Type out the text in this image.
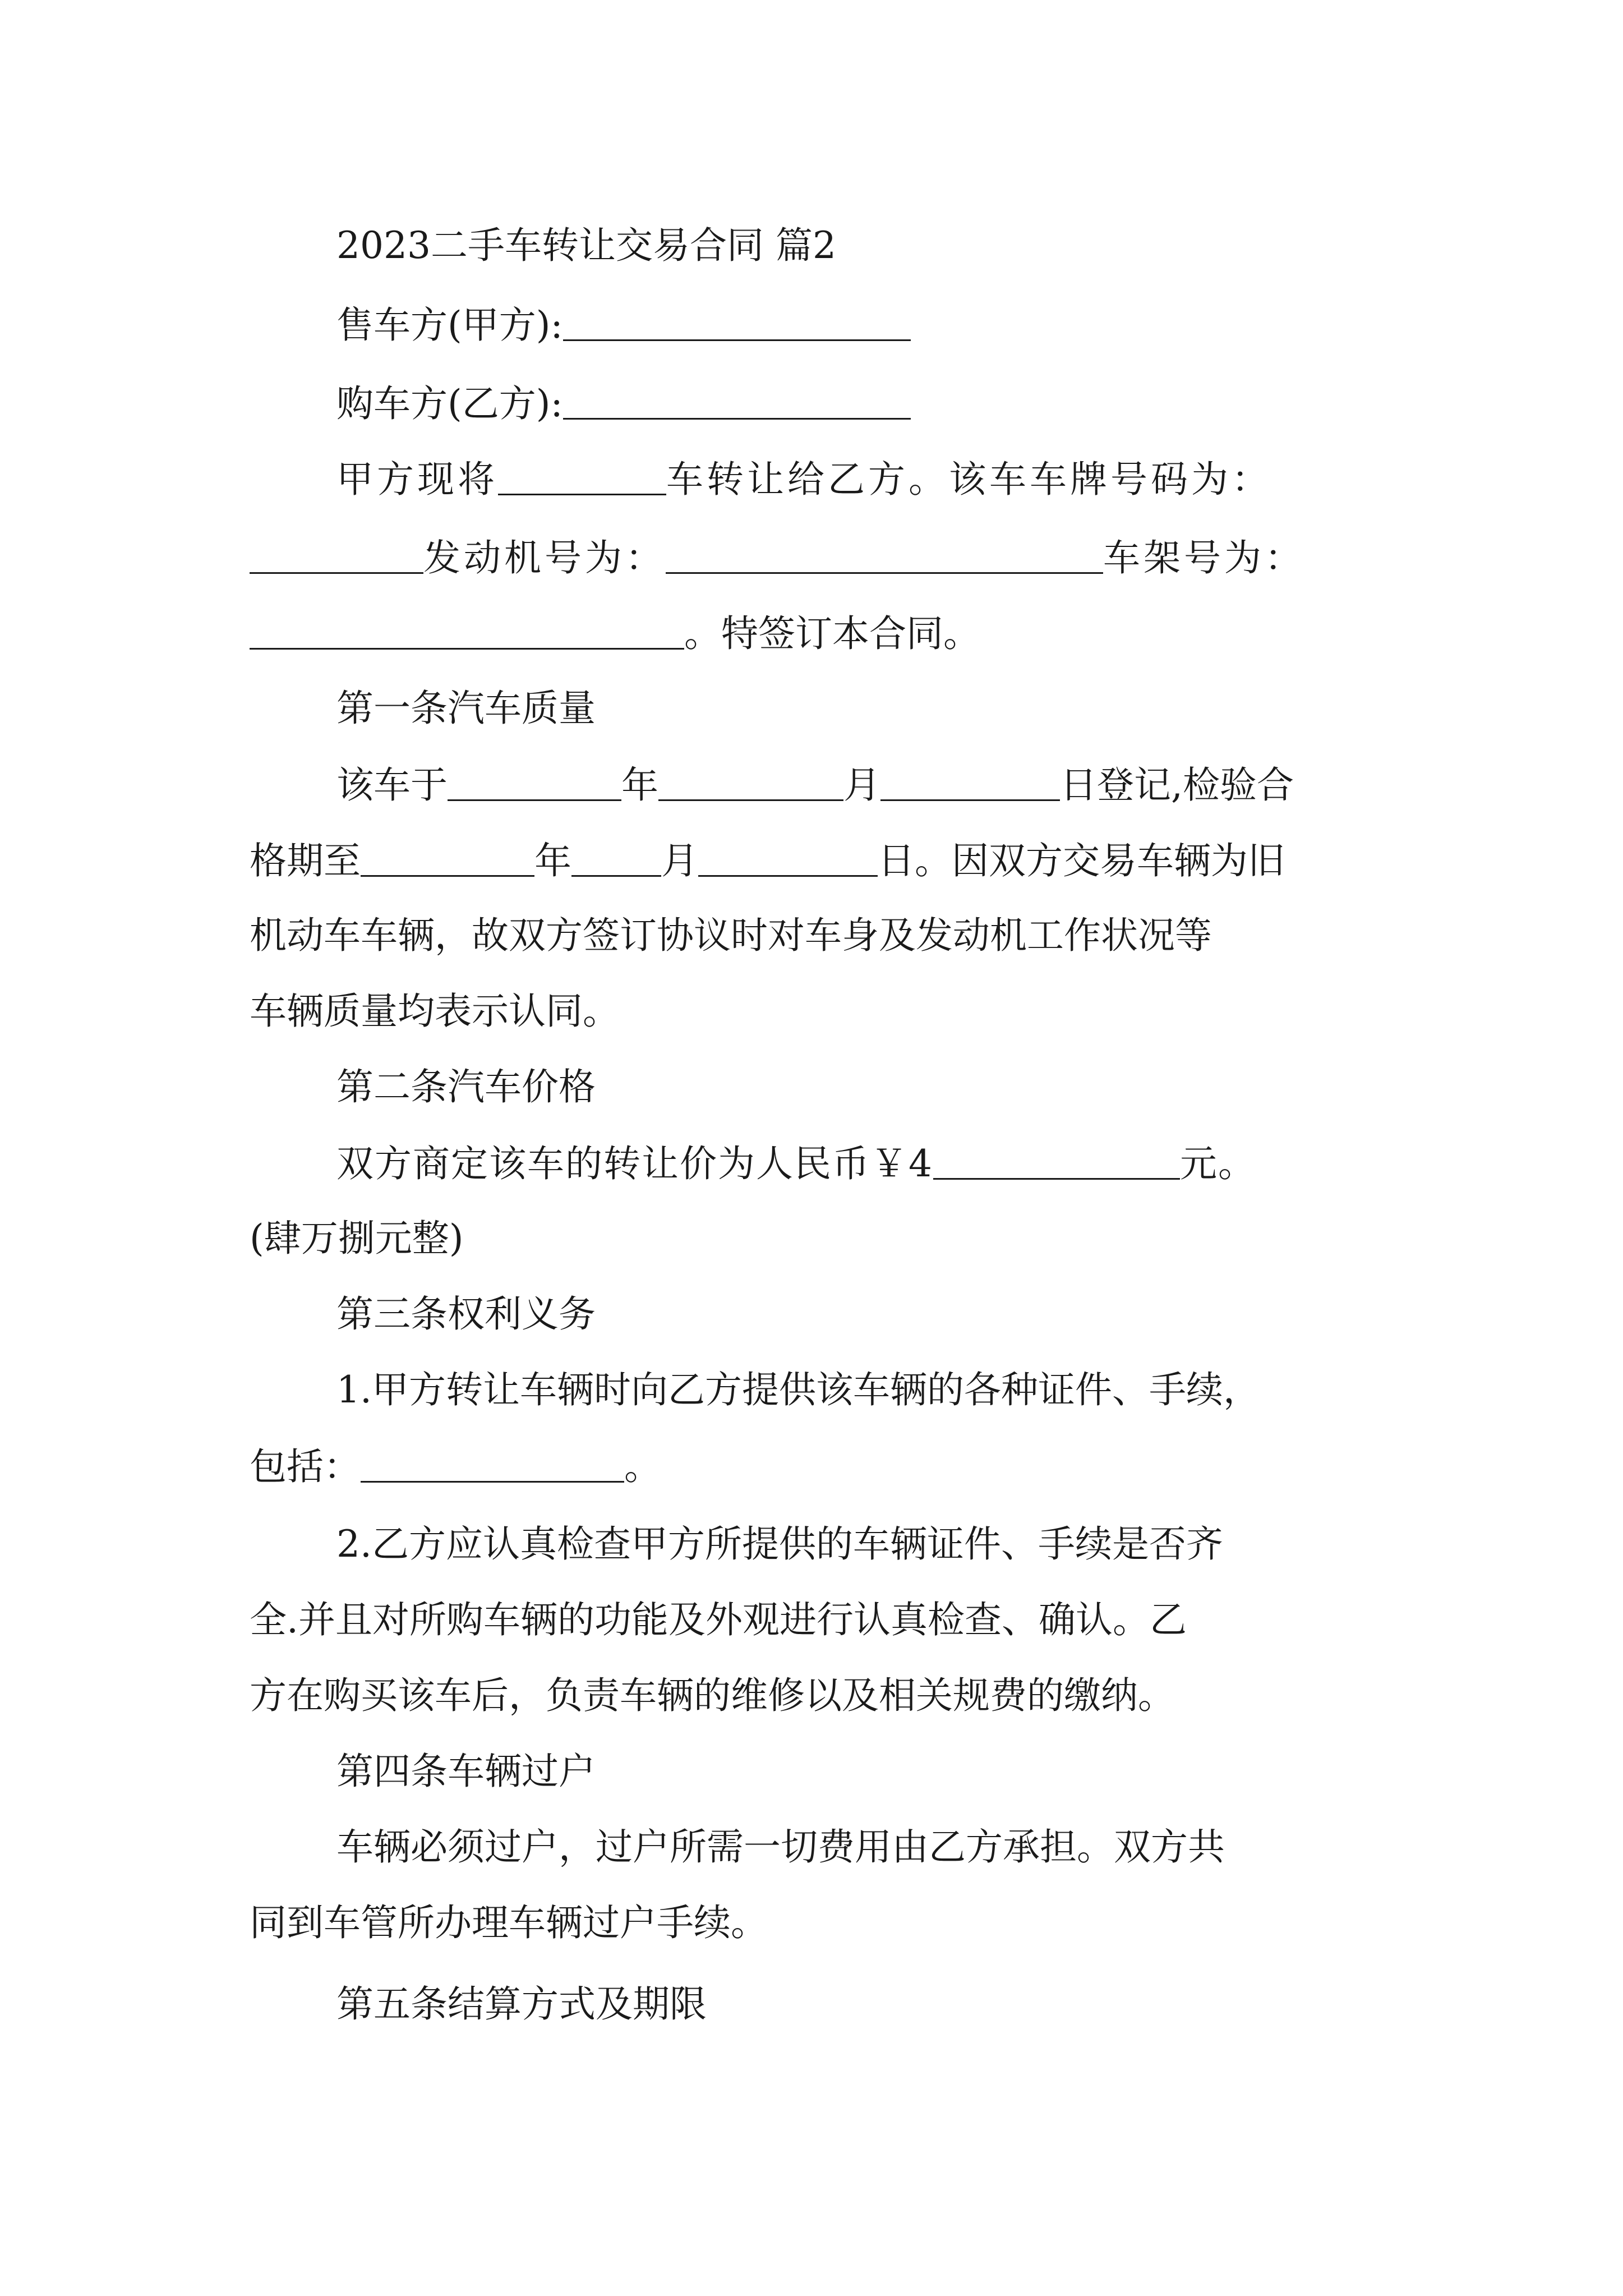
2023二手车转让交易合同 篇2
售车方(甲方):
购车方(乙方):
甲方现将	车转让给乙方。该车车牌号码为：
发动机号为：	车架号为：
。特签订本合同。
第一条汽车质量
该车于	年	月	日登记,检验合
格期至	年 月	日。因双方交易车辆为旧
机动车车辆，故双方签订协议时对车身及发动机工作状况等
车辆质量均表示认同。
第二条汽车价格
双方商定该车的转让价为人民币￥4	元。
(肆万捌元整)
第三条权利义务
1.甲方转让车辆时向乙方提供该车辆的各种证件、手续，
包括：	。
2.乙方应认真检查甲方所提供的车辆证件、手续是否齐
全.并且对所购车辆的功能及外观进行认真检查、确认。乙
方在购买该车后，负责车辆的维修以及相关规费的缴纳。
第四条车辆过户
车辆必须过户，过户所需一切费用由乙方承担。双方共
同到车管所办理车辆过户手续。
第五条结算方式及期限
